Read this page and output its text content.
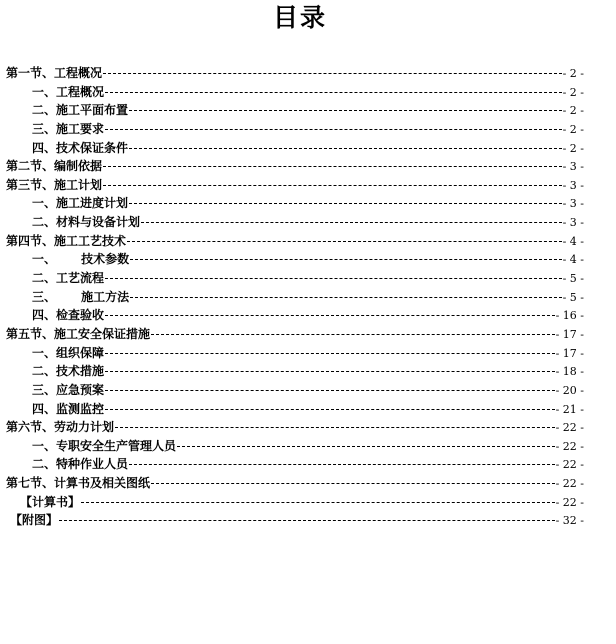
目录
第一节、工程概况	- 2 -
一、工程概况	- 2 -
二、施工平面布置	- 2 -
三、施工要求	- 2 -
四、技术保证条件	- 2 -
第二节、编制依据	- 3 -
第三节、施工计划	- 3 -
一、施工进度计划	- 3 -
二、材料与设备计划	- 3 -
第四节、施工工艺技术	- 4 -
一、      技术参数	- 4 -
二、工艺流程	- 5 -
三、      施工方法	- 5 -
四、检查验收	- 16 -
第五节、施工安全保证措施	- 17 -
一、组织保障	- 17 -
二、技术措施	- 18 -
三、应急预案	- 20 -
四、监测监控	- 21 -
第六节、劳动力计划	- 22 -
一、专职安全生产管理人员	- 22 -
二、特种作业人员	- 22 -
第七节、计算书及相关图纸	- 22 -
【计算书】	- 22 -
【附图】	- 32 -
